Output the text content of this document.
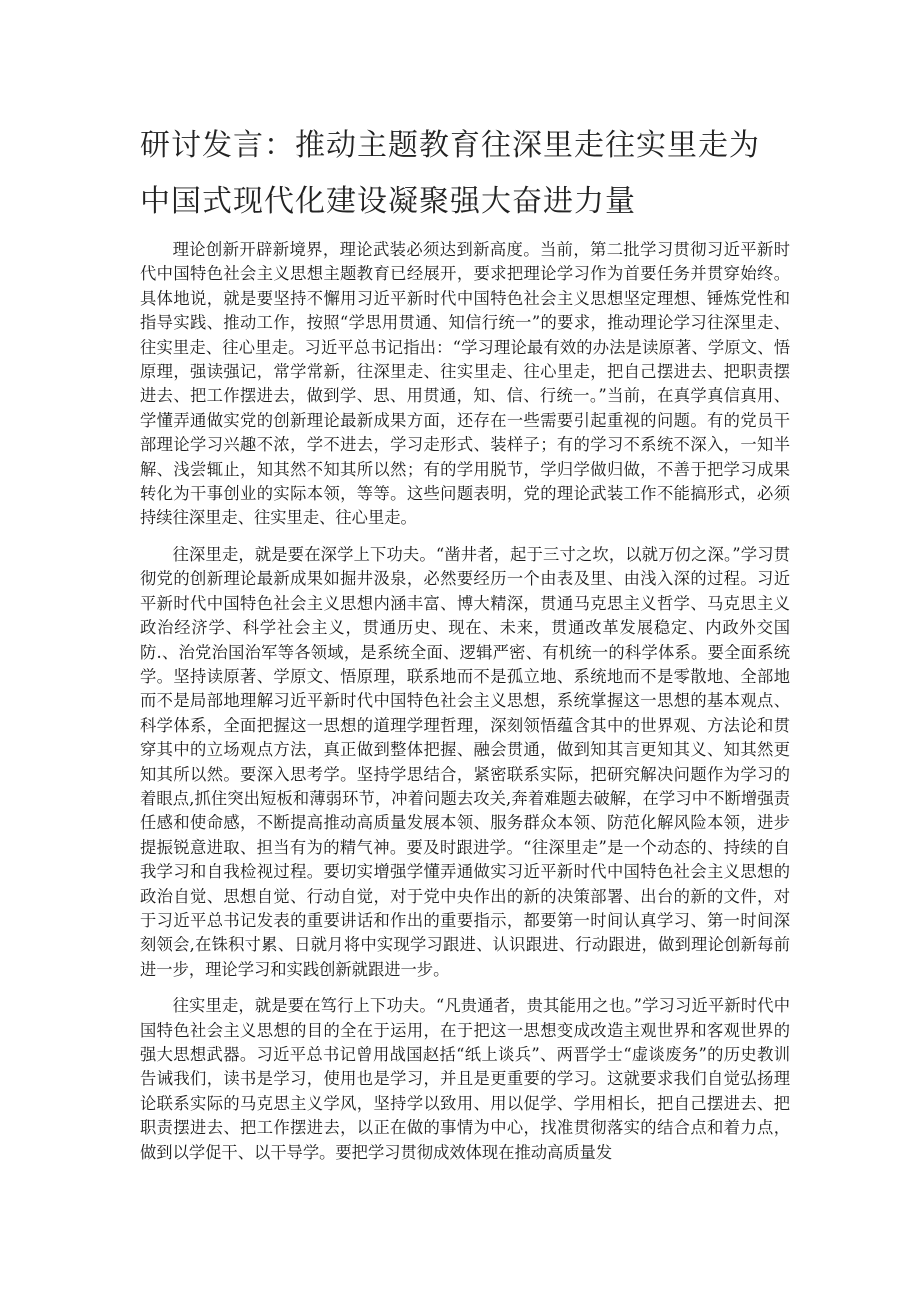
研讨发言：推动主题教育往深里走往实里走为中国式现代化建设凝聚强大奋进力量

理论创新开辟新境界，理论武装必须达到新高度。当前，第二批学习贯彻习近平新时代中国特色社会主义思想主题教育已经展开，要求把理论学习作为首要任务并贯穿始终。具体地说，就是要坚持不懈用习近平新时代中国特色社会主义思想坚定理想、锤炼党性和指导实践、推动工作，按照“学思用贯通、知信行统一”的要求，推动理论学习往深里走、往实里走、往心里走。习近平总书记指出：“学习理论最有效的办法是读原著、学原文、悟原理，强读强记，常学常新，往深里走、往实里走、往心里走，把自己摆进去、把职责摆进去、把工作摆进去，做到学、思、用贯通，知、信、行统一。”当前，在真学真信真用、学懂弄通做实党的创新理论最新成果方面，还存在一些需要引起重视的问题。有的党员干部理论学习兴趣不浓，学不进去，学习走形式、装样子；有的学习不系统不深入，一知半解、浅尝辄止，知其然不知其所以然；有的学用脱节，学归学做归做，不善于把学习成果转化为干事创业的实际本领，等等。这些问题表明，党的理论武装工作不能搞形式，必须持续往深里走、往实里走、往心里走。

往深里走，就是要在深学上下功夫。“凿井者，起于三寸之坎，以就万仞之深。”学习贯彻党的创新理论最新成果如掘井汲泉，必然要经历一个由表及里、由浅入深的过程。习近平新时代中国特色社会主义思想内涵丰富、博大精深，贯通马克思主义哲学、马克思主义政治经济学、科学社会主义，贯通历史、现在、未来，贯通改革发展稳定、内政外交国防.、治党治国治军等各领域，是系统全面、逻辑严密、有机统一的科学体系。要全面系统学。坚持读原著、学原文、悟原理，联系地而不是孤立地、系统地而不是零散地、全部地而不是局部地理解习近平新时代中国特色社会主义思想，系统掌握这一思想的基本观点、科学体系，全面把握这一思想的道理学理哲理，深刻领悟蕴含其中的世界观、方法论和贯穿其中的立场观点方法，真正做到整体把握、融会贯通，做到知其言更知其义、知其然更知其所以然。要深入思考学。坚持学思结合，紧密联系实际，把研究解决问题作为学习的着眼点,抓住突出短板和薄弱环节，冲着问题去攻关,奔着难题去破解，在学习中不断增强责任感和使命感，不断提高推动高质量发展本领、服务群众本领、防范化解风险本领，进步提振锐意进取、担当有为的精气神。要及时跟进学。“往深里走”是一个动态的、持续的自我学习和自我检视过程。要切实增强学懂弄通做实习近平新时代中国特色社会主义思想的政治自觉、思想自觉、行动自觉，对于党中央作出的新的决策部署、出台的新的文件，对于习近平总书记发表的重要讲话和作出的重要指示，都要第一时间认真学习、第一时间深刻领会,在铢积寸累、日就月将中实现学习跟进、认识跟进、行动跟进，做到理论创新每前进一步，理论学习和实践创新就跟进一步。

往实里走，就是要在笃行上下功夫。“凡贵通者，贵其能用之也。”学习习近平新时代中国特色社会主义思想的目的全在于运用，在于把这一思想变成改造主观世界和客观世界的强大思想武器。习近平总书记曾用战国赵括“纸上谈兵”、两晋学士“虚谈废务”的历史教训告诫我们，读书是学习，使用也是学习，并且是更重要的学习。这就要求我们自觉弘扬理论联系实际的马克思主义学风，坚持学以致用、用以促学、学用相长，把自己摆进去、把职责摆进去、把工作摆进去，以正在做的事情为中心，找准贯彻落实的结合点和着力点，做到以学促干、以干导学。要把学习贯彻成效体现在推动高质量发
